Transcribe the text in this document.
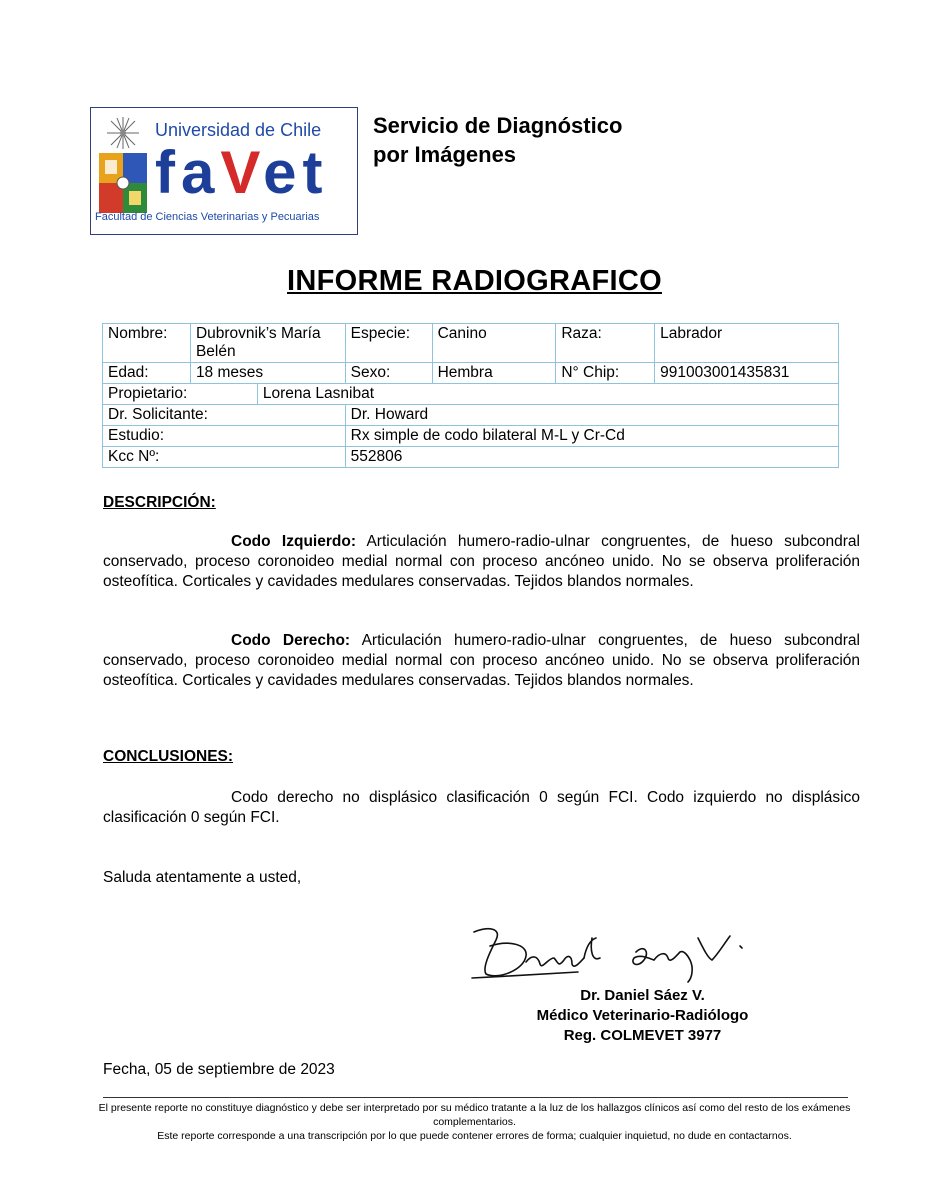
Universidad de Chile
faVet
Facultad de Ciencias Veterinarias y Pecuarias
Servicio de Diagnóstico
por Imágenes
INFORME RADIOGRAFICO
Nombre:	Dubrovnik’s María Belén		Especie:	Canino	Raza:	Labrador
Edad:	18 meses		Sexo:	Hembra	N° Chip:	991003001435831
Propietario:		Lorena Lasnibat				
Dr. Solicitante:			Dr. Howard			
Estudio:			Rx simple de codo bilateral M-L y Cr-Cd			
Kcc Nº:			552806			
DESCRIPCIÓN:

Codo Izquierdo: Articulación humero-radio-ulnar congruentes, de hueso subcondral conservado, proceso coronoideo medial normal con proceso ancóneo unido. No se observa proliferación osteofítica. Corticales y cavidades medulares conservadas. Tejidos blandos normales.

Codo Derecho: Articulación humero-radio-ulnar congruentes, de hueso subcondral conservado, proceso coronoideo medial normal con proceso ancóneo unido. No se observa proliferación osteofítica. Corticales y cavidades medulares conservadas. Tejidos blandos normales.

CONCLUSIONES:

Codo derecho no displásico clasificación 0 según FCI. Codo izquierdo no displásico clasificación 0 según FCI.

Saluda atentamente a usted,
Dr. Daniel Sáez V.
Médico Veterinario-Radiólogo
Reg. COLMEVET 3977
Fecha, 05 de septiembre de 2023
El presente reporte no constituye diagnóstico y debe ser interpretado por su médico tratante a la luz de los hallazgos clínicos así como del resto de los exámenes complementarios.
Este reporte corresponde a una transcripción por lo que puede contener errores de forma; cualquier inquietud, no dude en contactarnos.
